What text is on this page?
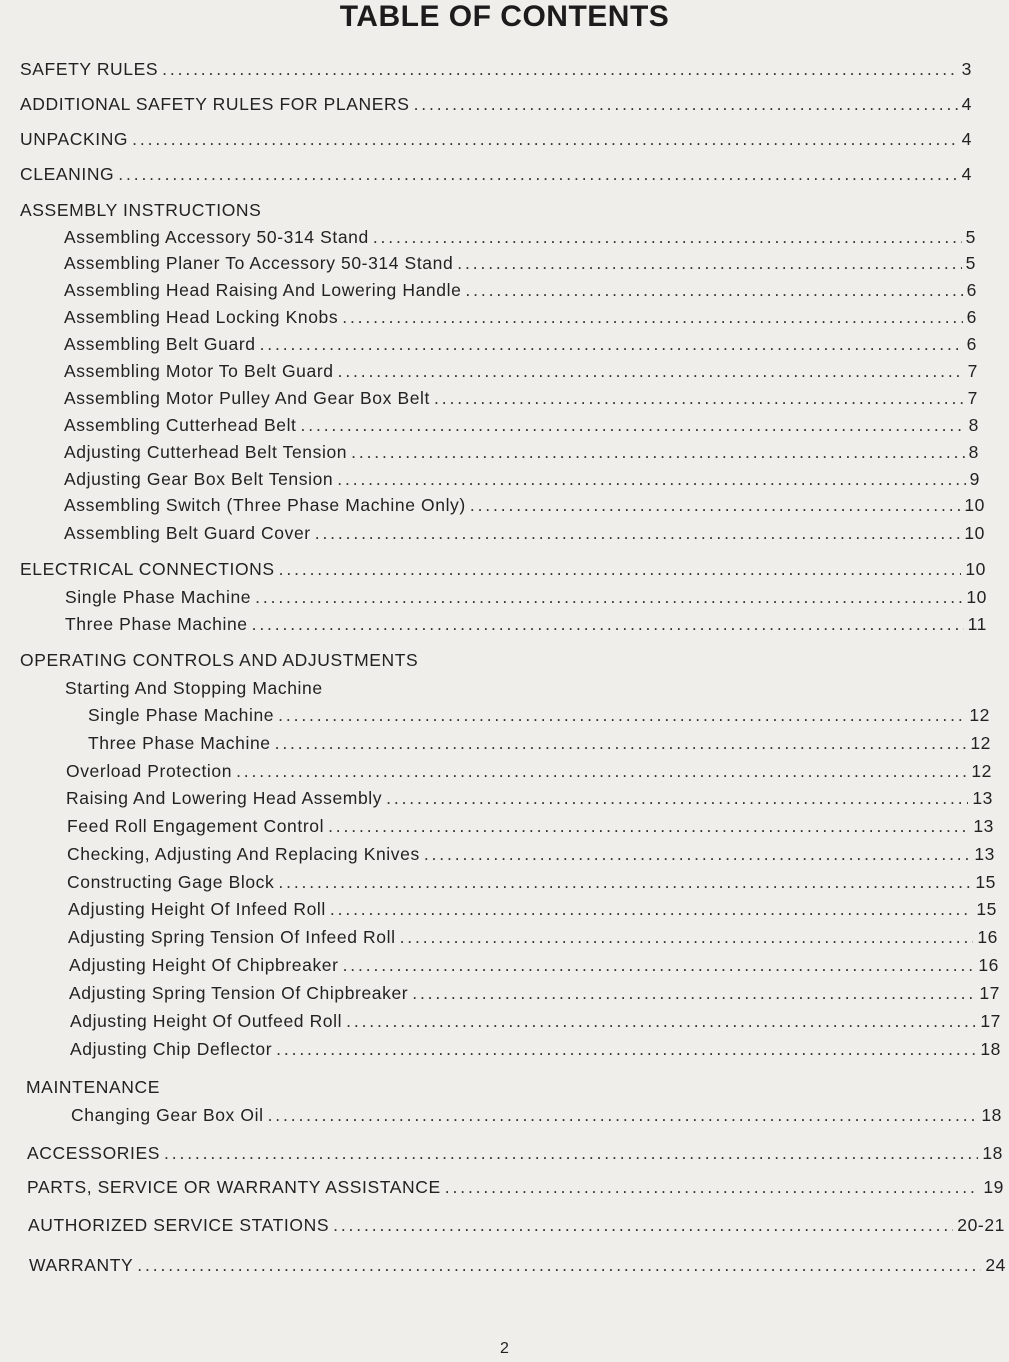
TABLE OF CONTENTS
SAFETY RULES . . .	3
ADDITIONAL SAFETY RULES FOR PLANERS . . .	4
UNPACKING . . .	4
CLEANING . . .	4
ASSEMBLY INSTRUCTIONS
Assembling Accessory 50-314 Stand . . .	5
Assembling Planer To Accessory 50-314 Stand . . .	5
Assembling Head Raising And Lowering Handle . . .	6
Assembling Head Locking Knobs . . .	6
Assembling Belt Guard . . .	6
Assembling Motor To Belt Guard . . .	7
Assembling Motor Pulley And Gear Box Belt . . .	7
Assembling Cutterhead Belt . . .	8
Adjusting Cutterhead Belt Tension . . .	8
Adjusting Gear Box Belt Tension . . .	9
Assembling Switch (Three Phase Machine Only) . . .	10
Assembling Belt Guard Cover . . .	10
ELECTRICAL CONNECTIONS . . .	10
Single Phase Machine . . .	10
Three Phase Machine . . .	11
OPERATING CONTROLS AND ADJUSTMENTS
Starting And Stopping Machine
Single Phase Machine . . .	12
Three Phase Machine . . .	12
Overload Protection . . .	12
Raising And Lowering Head Assembly . . .	13
Feed Roll Engagement Control . . .	13
Checking, Adjusting And Replacing Knives . . .	13
Constructing Gage Block . . .	15
Adjusting Height Of Infeed Roll . . .	15
Adjusting Spring Tension Of Infeed Roll . . .	16
Adjusting Height Of Chipbreaker . . .	16
Adjusting Spring Tension Of Chipbreaker . . .	17
Adjusting Height Of Outfeed Roll . . .	17
Adjusting Chip Deflector . . .	18
MAINTENANCE
Changing Gear Box Oil . . .	18
ACCESSORIES . . .	18
PARTS, SERVICE OR WARRANTY ASSISTANCE . . .	19
AUTHORIZED SERVICE STATIONS . . .	20-21
WARRANTY . . .	24
2
